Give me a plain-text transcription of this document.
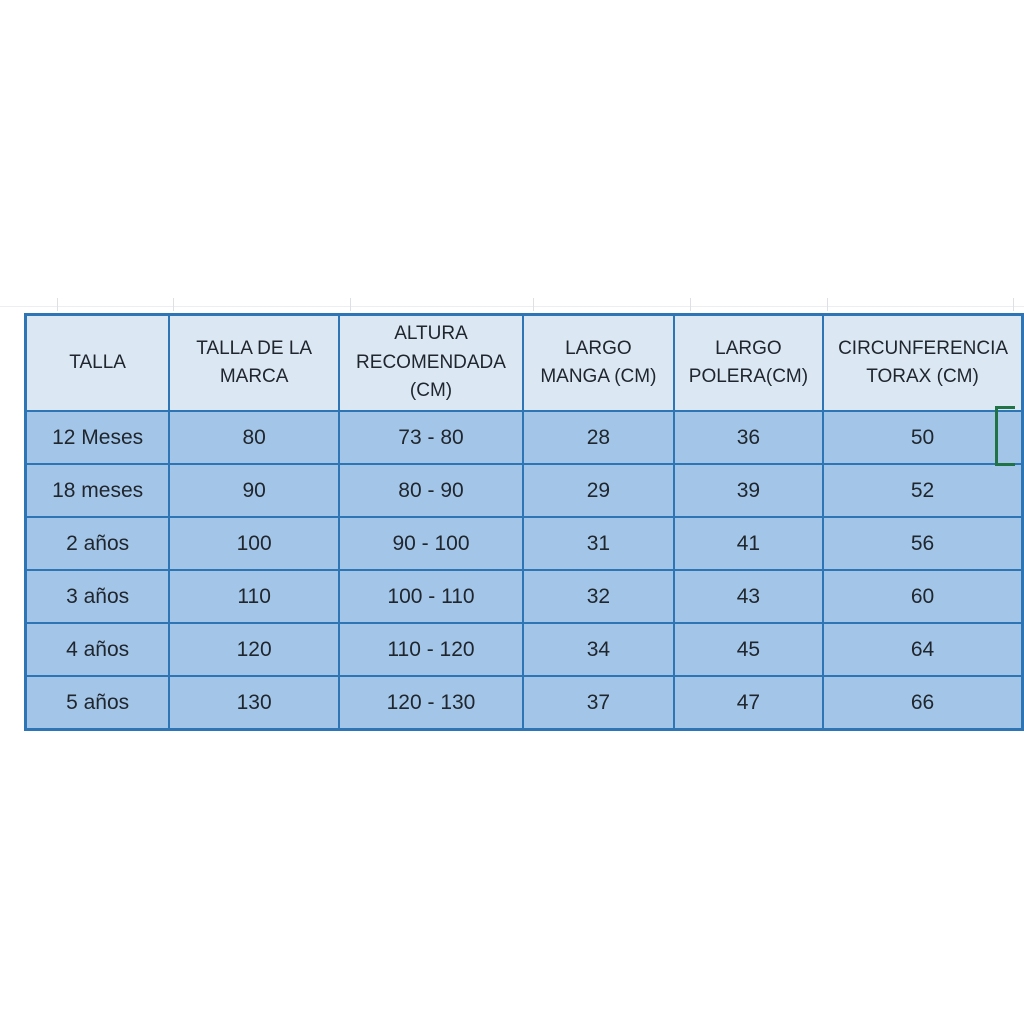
TALLA	TALLA DE LA MARCA	ALTURA RECOMENDADA (CM)	LARGO MANGA (CM)	LARGO POLERA(CM)	CIRCUNFERENCIA TORAX (CM)
12 Meses	80	73 - 80	28	36	50
18 meses	90	80 - 90	29	39	52
2 años	100	90 - 100	31	41	56
3 años	110	100 - 110	32	43	60
4 años	120	110 - 120	34	45	64
5 años	130	120 - 130	37	47	66
